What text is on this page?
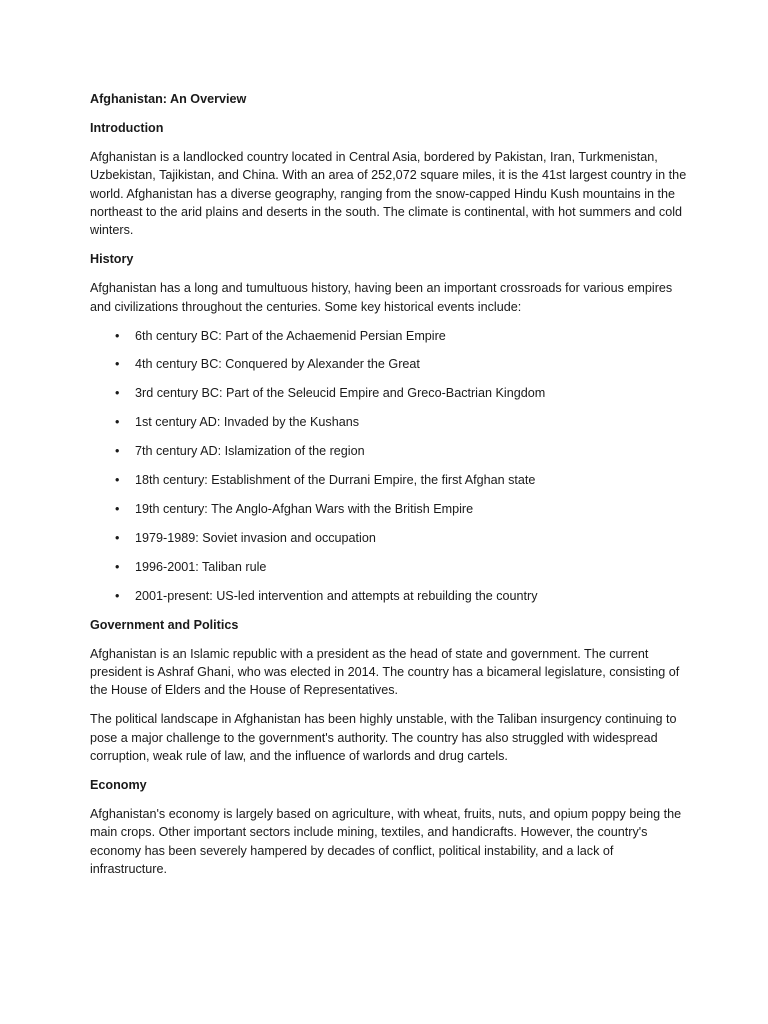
Afghanistan: An Overview
Introduction

Afghanistan is a landlocked country located in Central Asia, bordered by Pakistan, Iran, Turkmenistan, Uzbekistan, Tajikistan, and China. With an area of 252,072 square miles, it is the 41st largest country in the world. Afghanistan has a diverse geography, ranging from the snow-capped Hindu Kush mountains in the northeast to the arid plains and deserts in the south. The climate is continental, with hot summers and cold winters.

History

Afghanistan has a long and tumultuous history, having been an important crossroads for various empires and civilizations throughout the centuries. Some key historical events include:

• 6th century BC: Part of the Achaemenid Persian Empire
• 4th century BC: Conquered by Alexander the Great
• 3rd century BC: Part of the Seleucid Empire and Greco-Bactrian Kingdom
• 1st century AD: Invaded by the Kushans
• 7th century AD: Islamization of the region
• 18th century: Establishment of the Durrani Empire, the first Afghan state
• 19th century: The Anglo-Afghan Wars with the British Empire
• 1979-1989: Soviet invasion and occupation
• 1996-2001: Taliban rule
• 2001-present: US-led intervention and attempts at rebuilding the country
Government and Politics

Afghanistan is an Islamic republic with a president as the head of state and government. The current president is Ashraf Ghani, who was elected in 2014. The country has a bicameral legislature, consisting of the House of Elders and the House of Representatives.

The political landscape in Afghanistan has been highly unstable, with the Taliban insurgency continuing to pose a major challenge to the government's authority. The country has also struggled with widespread corruption, weak rule of law, and the influence of warlords and drug cartels.

Economy

Afghanistan's economy is largely based on agriculture, with wheat, fruits, nuts, and opium poppy being the main crops. Other important sectors include mining, textiles, and handicrafts. However, the country's economy has been severely hampered by decades of conflict, political instability, and a lack of infrastructure.
